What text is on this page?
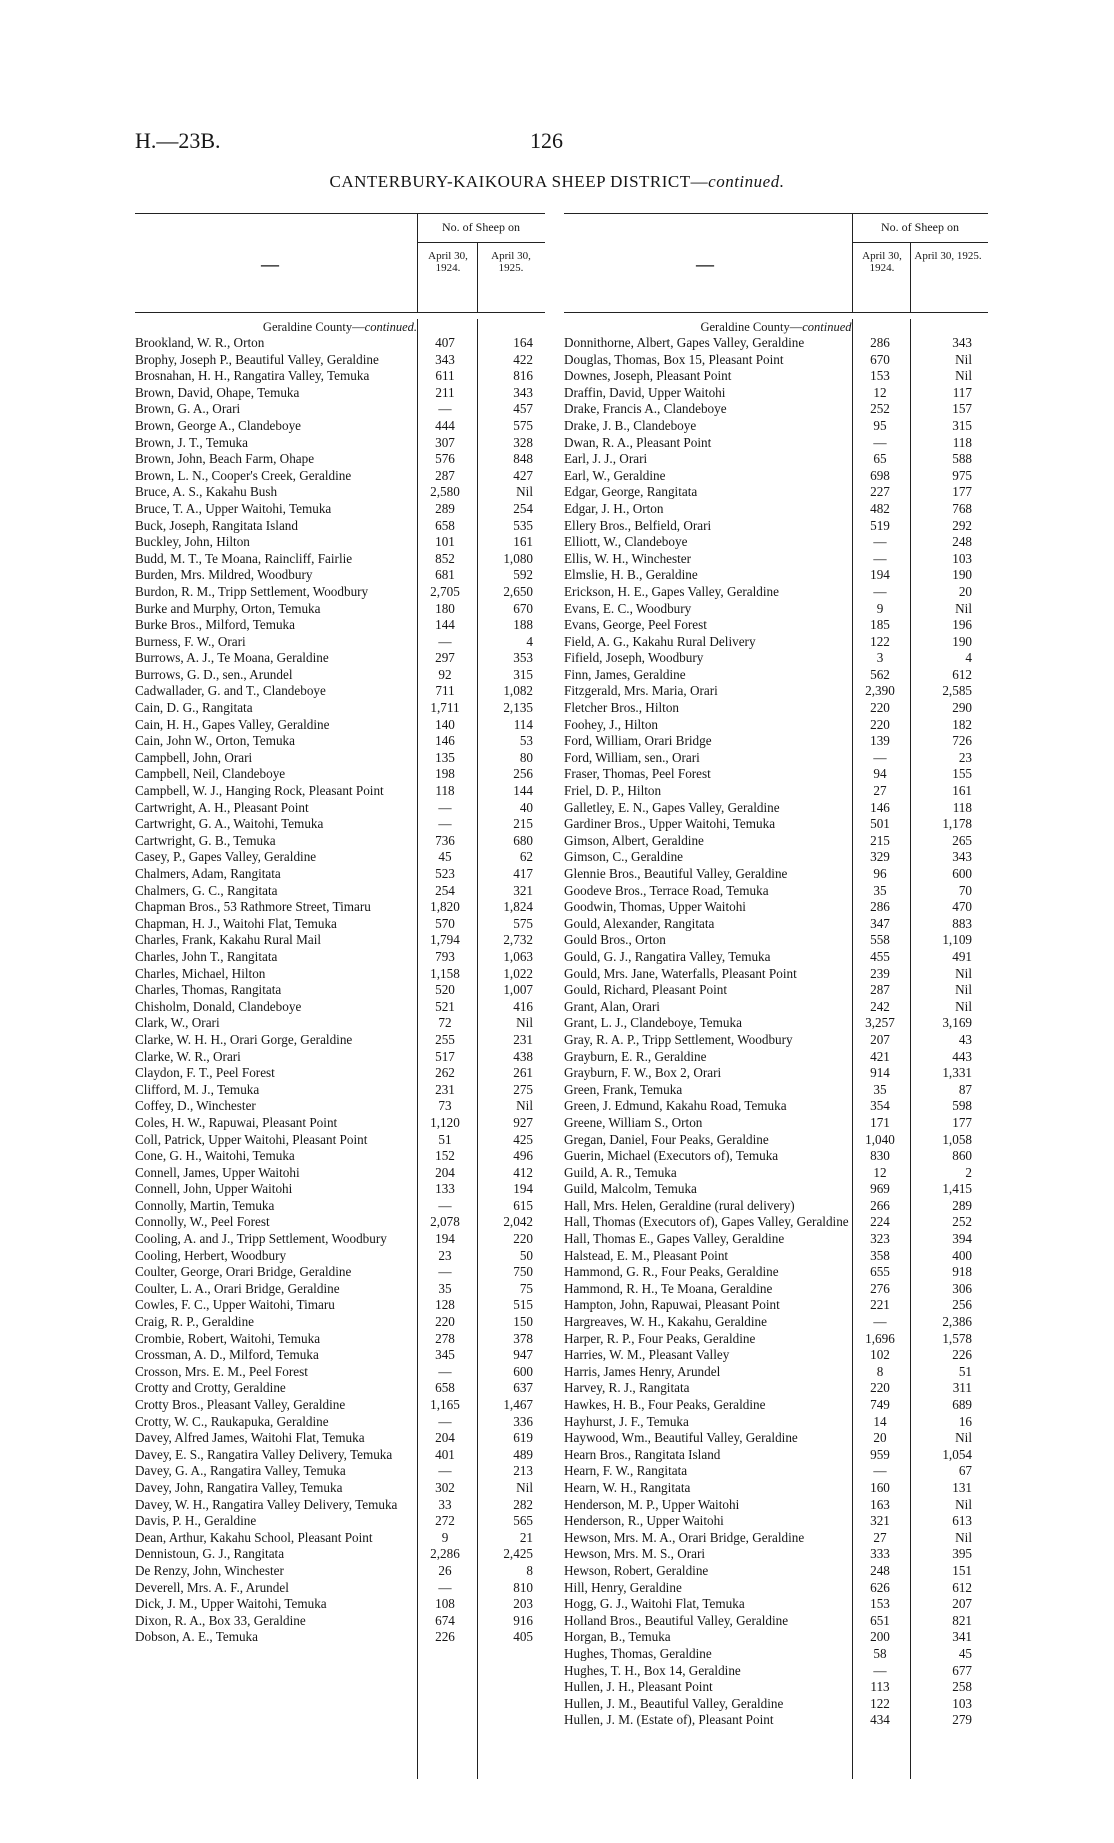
H.—23B.	126
CANTERBURY-KAIKOURA SHEEP DISTRICT—continued.
—
No. of Sheep on
April 30, 1924.
April 30, 1925.
Geraldine County—continued.
Brookland, W. R., Orton	407	164
Brophy, Joseph P., Beautiful Valley, Geraldine	343	422
Brosnahan, H. H., Rangatira Valley, Temuka	611	816
Brown, David, Ohape, Temuka	211	343
Brown, G. A., Orari	—	457
Brown, George A., Clandeboye	444	575
Brown, J. T., Temuka	307	328
Brown, John, Beach Farm, Ohape	576	848
Brown, L. N., Cooper's Creek, Geraldine	287	427
Bruce, A. S., Kakahu Bush	2,580	Nil
Bruce, T. A., Upper Waitohi, Temuka	289	254
Buck, Joseph, Rangitata Island	658	535
Buckley, John, Hilton	101	161
Budd, M. T., Te Moana, Raincliff, Fairlie	852	1,080
Burden, Mrs. Mildred, Woodbury	681	592
Burdon, R. M., Tripp Settlement, Woodbury	2,705	2,650
Burke and Murphy, Orton, Temuka	180	670
Burke Bros., Milford, Temuka	144	188
Burness, F. W., Orari	—	4
Burrows, A. J., Te Moana, Geraldine	297	353
Burrows, G. D., sen., Arundel	92	315
Cadwallader, G. and T., Clandeboye	711	1,082
Cain, D. G., Rangitata	1,711	2,135
Cain, H. H., Gapes Valley, Geraldine	140	114
Cain, John W., Orton, Temuka	146	53
Campbell, John, Orari	135	80
Campbell, Neil, Clandeboye	198	256
Campbell, W. J., Hanging Rock, Pleasant Point	118	144
Cartwright, A. H., Pleasant Point	—	40
Cartwright, G. A., Waitohi, Temuka	—	215
Cartwright, G. B., Temuka	736	680
Casey, P., Gapes Valley, Geraldine	45	62
Chalmers, Adam, Rangitata	523	417
Chalmers, G. C., Rangitata	254	321
Chapman Bros., 53 Rathmore Street, Timaru	1,820	1,824
Chapman, H. J., Waitohi Flat, Temuka	570	575
Charles, Frank, Kakahu Rural Mail	1,794	2,732
Charles, John T., Rangitata	793	1,063
Charles, Michael, Hilton	1,158	1,022
Charles, Thomas, Rangitata	520	1,007
Chisholm, Donald, Clandeboye	521	416
Clark, W., Orari	72	Nil
Clarke, W. H. H., Orari Gorge, Geraldine	255	231
Clarke, W. R., Orari	517	438
Claydon, F. T., Peel Forest	262	261
Clifford, M. J., Temuka	231	275
Coffey, D., Winchester	73	Nil
Coles, H. W., Rapuwai, Pleasant Point	1,120	927
Coll, Patrick, Upper Waitohi, Pleasant Point	51	425
Cone, G. H., Waitohi, Temuka	152	496
Connell, James, Upper Waitohi	204	412
Connell, John, Upper Waitohi	133	194
Connolly, Martin, Temuka	—	615
Connolly, W., Peel Forest	2,078	2,042
Cooling, A. and J., Tripp Settlement, Woodbury	194	220
Cooling, Herbert, Woodbury	23	50
Coulter, George, Orari Bridge, Geraldine	—	750
Coulter, L. A., Orari Bridge, Geraldine	35	75
Cowles, F. C., Upper Waitohi, Timaru	128	515
Craig, R. P., Geraldine	220	150
Crombie, Robert, Waitohi, Temuka	278	378
Crossman, A. D., Milford, Temuka	345	947
Crosson, Mrs. E. M., Peel Forest	—	600
Crotty and Crotty, Geraldine	658	637
Crotty Bros., Pleasant Valley, Geraldine	1,165	1,467
Crotty, W. C., Raukapuka, Geraldine	—	336
Davey, Alfred James, Waitohi Flat, Temuka	204	619
Davey, E. S., Rangatira Valley Delivery, Temuka	401	489
Davey, G. A., Rangatira Valley, Temuka	—	213
Davey, John, Rangatira Valley, Temuka	302	Nil
Davey, W. H., Rangatira Valley Delivery, Temuka	33	282
Davis, P. H., Geraldine	272	565
Dean, Arthur, Kakahu School, Pleasant Point	9	21
Dennistoun, G. J., Rangitata	2,286	2,425
De Renzy, John, Winchester	26	8
Deverell, Mrs. A. F., Arundel	—	810
Dick, J. M., Upper Waitohi, Temuka	108	203
Dixon, R. A., Box 33, Geraldine	674	916
Dobson, A. E., Temuka	226	405
—
No. of Sheep on
April 30, 1924.
April 30, 1925.
Geraldine County—continued
Donnithorne, Albert, Gapes Valley, Geraldine	286	343
Douglas, Thomas, Box 15, Pleasant Point	670	Nil
Downes, Joseph, Pleasant Point	153	Nil
Draffin, David, Upper Waitohi	12	117
Drake, Francis A., Clandeboye	252	157
Drake, J. B., Clandeboye	95	315
Dwan, R. A., Pleasant Point	—	118
Earl, J. J., Orari	65	588
Earl, W., Geraldine	698	975
Edgar, George, Rangitata	227	177
Edgar, J. H., Orton	482	768
Ellery Bros., Belfield, Orari	519	292
Elliott, W., Clandeboye	—	248
Ellis, W. H., Winchester	—	103
Elmslie, H. B., Geraldine	194	190
Erickson, H. E., Gapes Valley, Geraldine	—	20
Evans, E. C., Woodbury	9	Nil
Evans, George, Peel Forest	185	196
Field, A. G., Kakahu Rural Delivery	122	190
Fifield, Joseph, Woodbury	3	4
Finn, James, Geraldine	562	612
Fitzgerald, Mrs. Maria, Orari	2,390	2,585
Fletcher Bros., Hilton	220	290
Foohey, J., Hilton	220	182
Ford, William, Orari Bridge	139	726
Ford, William, sen., Orari	—	23
Fraser, Thomas, Peel Forest	94	155
Friel, D. P., Hilton	27	161
Galletley, E. N., Gapes Valley, Geraldine	146	118
Gardiner Bros., Upper Waitohi, Temuka	501	1,178
Gimson, Albert, Geraldine	215	265
Gimson, C., Geraldine	329	343
Glennie Bros., Beautiful Valley, Geraldine	96	600
Goodeve Bros., Terrace Road, Temuka	35	70
Goodwin, Thomas, Upper Waitohi	286	470
Gould, Alexander, Rangitata	347	883
Gould Bros., Orton	558	1,109
Gould, G. J., Rangatira Valley, Temuka	455	491
Gould, Mrs. Jane, Waterfalls, Pleasant Point	239	Nil
Gould, Richard, Pleasant Point	287	Nil
Grant, Alan, Orari	242	Nil
Grant, L. J., Clandeboye, Temuka	3,257	3,169
Gray, R. A. P., Tripp Settlement, Woodbury	207	43
Grayburn, E. R., Geraldine	421	443
Grayburn, F. W., Box 2, Orari	914	1,331
Green, Frank, Temuka	35	87
Green, J. Edmund, Kakahu Road, Temuka	354	598
Greene, William S., Orton	171	177
Gregan, Daniel, Four Peaks, Geraldine	1,040	1,058
Guerin, Michael (Executors of), Temuka	830	860
Guild, A. R., Temuka	12	2
Guild, Malcolm, Temuka	969	1,415
Hall, Mrs. Helen, Geraldine (rural delivery)	266	289
Hall, Thomas (Executors of), Gapes Valley, Geraldine	224	252
Hall, Thomas E., Gapes Valley, Geraldine	323	394
Halstead, E. M., Pleasant Point	358	400
Hammond, G. R., Four Peaks, Geraldine	655	918
Hammond, R. H., Te Moana, Geraldine	276	306
Hampton, John, Rapuwai, Pleasant Point	221	256
Hargreaves, W. H., Kakahu, Geraldine	—	2,386
Harper, R. P., Four Peaks, Geraldine	1,696	1,578
Harries, W. M., Pleasant Valley	102	226
Harris, James Henry, Arundel	8	51
Harvey, R. J., Rangitata	220	311
Hawkes, H. B., Four Peaks, Geraldine	749	689
Hayhurst, J. F., Temuka	14	16
Haywood, Wm., Beautiful Valley, Geraldine	20	Nil
Hearn Bros., Rangitata Island	959	1,054
Hearn, F. W., Rangitata	—	67
Hearn, W. H., Rangitata	160	131
Henderson, M. P., Upper Waitohi	163	Nil
Henderson, R., Upper Waitohi	321	613
Hewson, Mrs. M. A., Orari Bridge, Geraldine	27	Nil
Hewson, Mrs. M. S., Orari	333	395
Hewson, Robert, Geraldine	248	151
Hill, Henry, Geraldine	626	612
Hogg, G. J., Waitohi Flat, Temuka	153	207
Holland Bros., Beautiful Valley, Geraldine	651	821
Horgan, B., Temuka	200	341
Hughes, Thomas, Geraldine	58	45
Hughes, T. H., Box 14, Geraldine	—	677
Hullen, J. H., Pleasant Point	113	258
Hullen, J. M., Beautiful Valley, Geraldine	122	103
Hullen, J. M. (Estate of), Pleasant Point	434	279
